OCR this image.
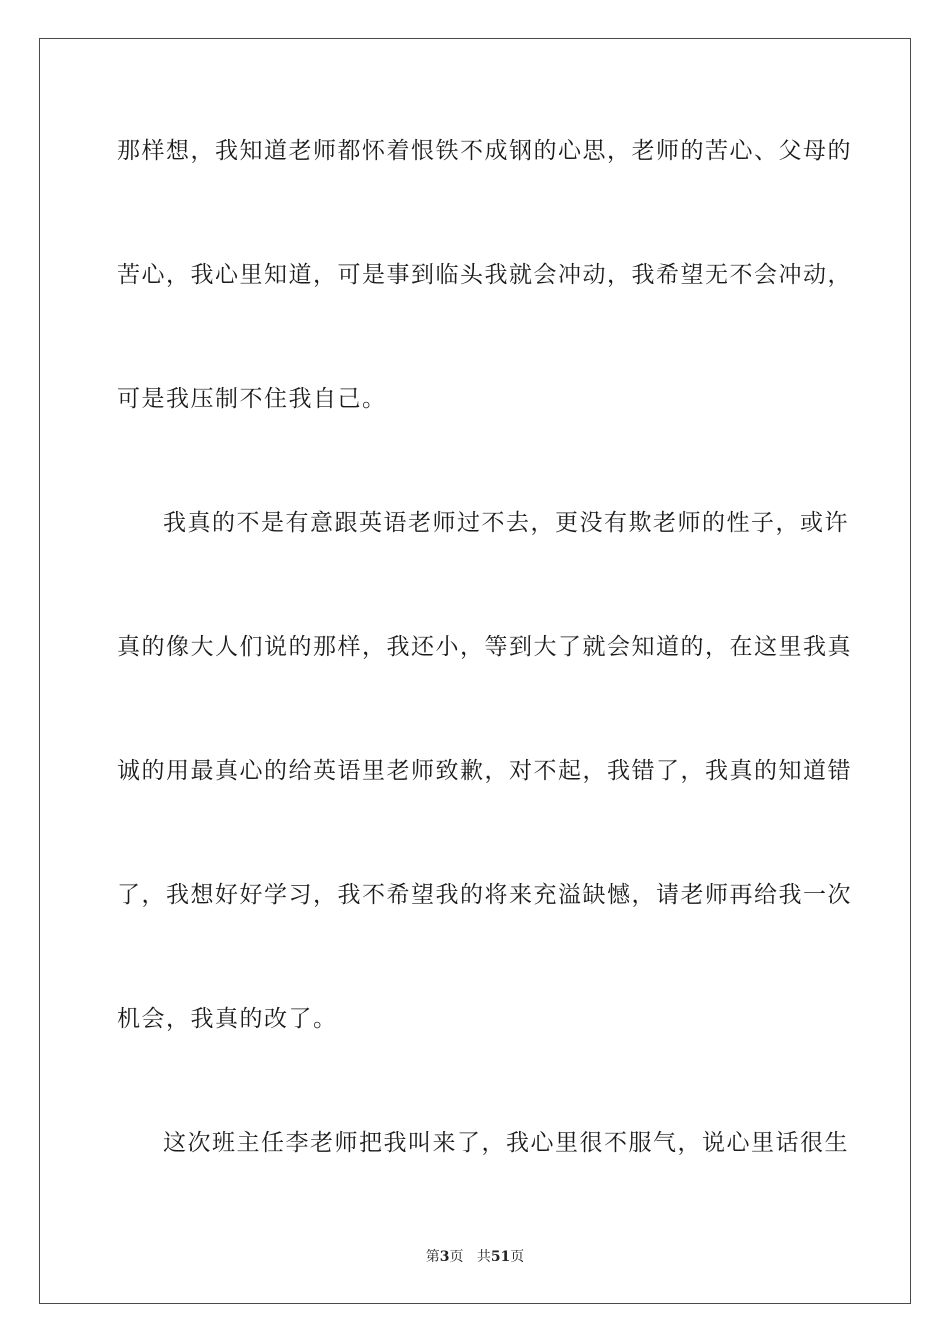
那样想，我知道老师都怀着恨铁不成钢的心思，老师的苦心、父母的
苦心，我心里知道，可是事到临头我就会冲动，我希望无不会冲动，
可是我压制不住我自己。
我真的不是有意跟英语老师过不去，更没有欺老师的性子，或许
真的像大人们说的那样，我还小，等到大了就会知道的，在这里我真
诚的用最真心的给英语里老师致歉，对不起，我错了，我真的知道错
了，我想好好学习，我不希望我的将来充溢缺憾，请老师再给我一次
机会，我真的改了。
这次班主任李老师把我叫来了，我心里很不服气，说心里话很生
第3页 共51页
